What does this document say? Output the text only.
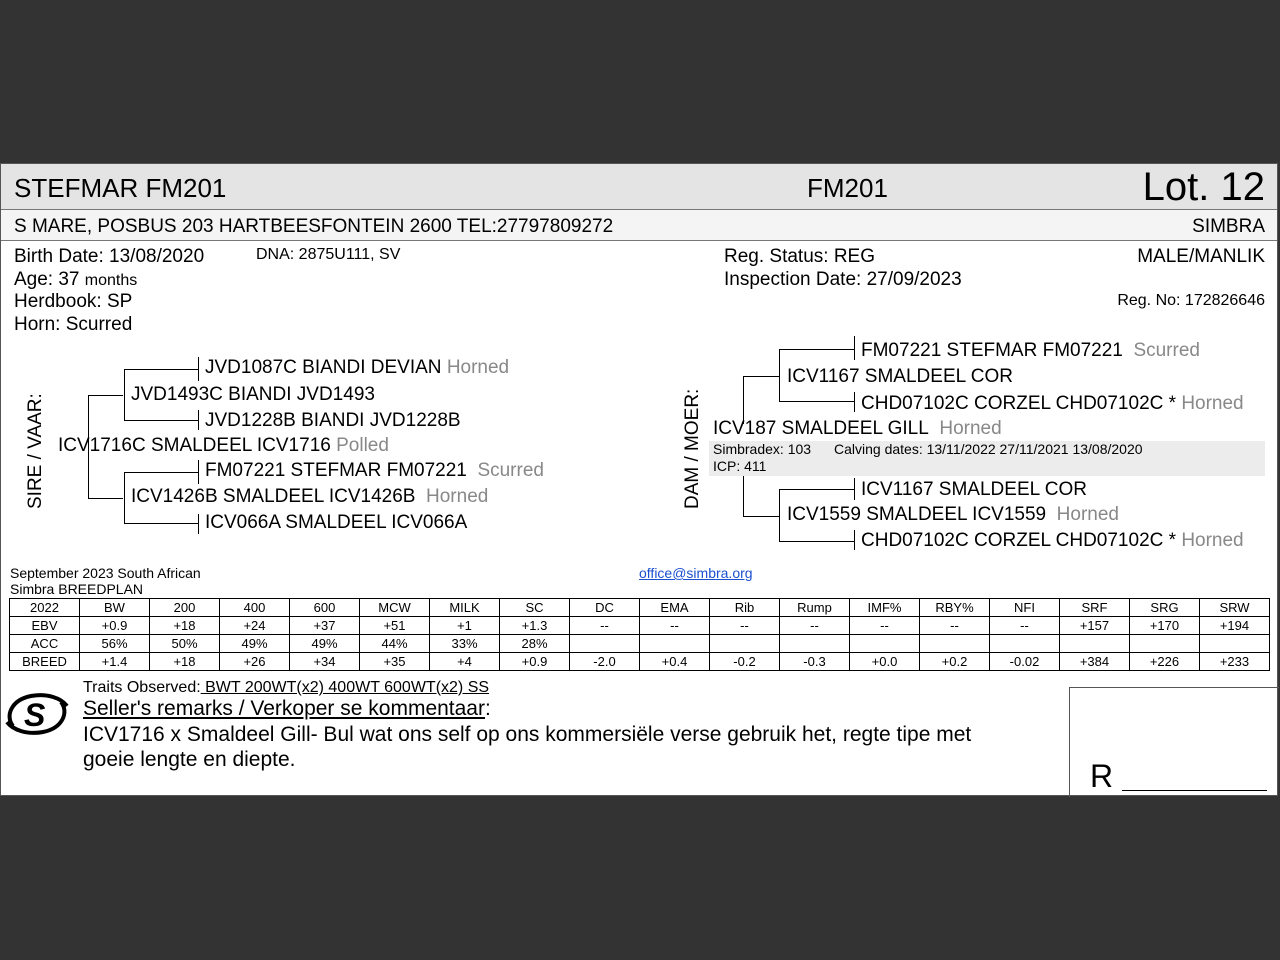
STEFMAR FM201	FM201	Lot. 12
S MARE, POSBUS 203 HARTBEESFONTEIN 2600 TEL:27797809272	SIMBRA
Birth Date: 13/08/2020
Age: 37 months
Herdbook: SP
Horn: Scurred
DNA: 2875U111, SV	Reg. Status: REG
Inspection Date: 27/09/2023
MALE/MANLIK
Reg. No: 172826646
SIRE / VAAR:
JVD1087C BIANDI DEVIAN Horned
JVD1493C BIANDI JVD1493
JVD1228B BIANDI JVD1228B
ICV1716C SMALDEEL ICV1716 Polled
FM07221 STEFMAR FM07221 Scurred
ICV1426B SMALDEEL ICV1426B Horned
ICV066A SMALDEEL ICV066A
DAM / MOER:
FM07221 STEFMAR FM07221 Scurred
ICV1167 SMALDEEL COR
CHD07102C CORZEL CHD07102C * Horned
ICV187 SMALDEEL GILL Horned
Simbradex: 103 Calving dates: 13/11/2022 27/11/2021 13/08/2020
ICP: 411
ICV1167 SMALDEEL COR
ICV1559 SMALDEEL ICV1559 Horned
CHD07102C CORZEL CHD07102C * Horned
September 2023 South African
Simbra BREEDPLAN
office@simbra.org
2022	BW	200	400	600	MCW	MILK	SC	DC	EMA	Rib	Rump	IMF%	RBY%	NFI	SRF	SRG	SRW
EBV	+0.9	+18	+24	+37	+51	+1	+1.3	--	--	--	--	--	--	--	+157	+170	+194
ACC	56%	50%	49%	49%	44%	33%	28%										
BREED	+1.4	+18	+26	+34	+35	+4	+0.9	-2.0	+0.4	-0.2	-0.3	+0.0	+0.2	-0.02	+384	+226	+233
S
Traits Observed: BWT 200WT(x2) 400WT 600WT(x2) SS
Seller's remarks / Verkoper se kommentaar:
ICV1716 x Smaldeel Gill- Bul wat ons self op ons kommersiële verse gebruik het, regte tipe met
goeie lengte en diepte.	R
